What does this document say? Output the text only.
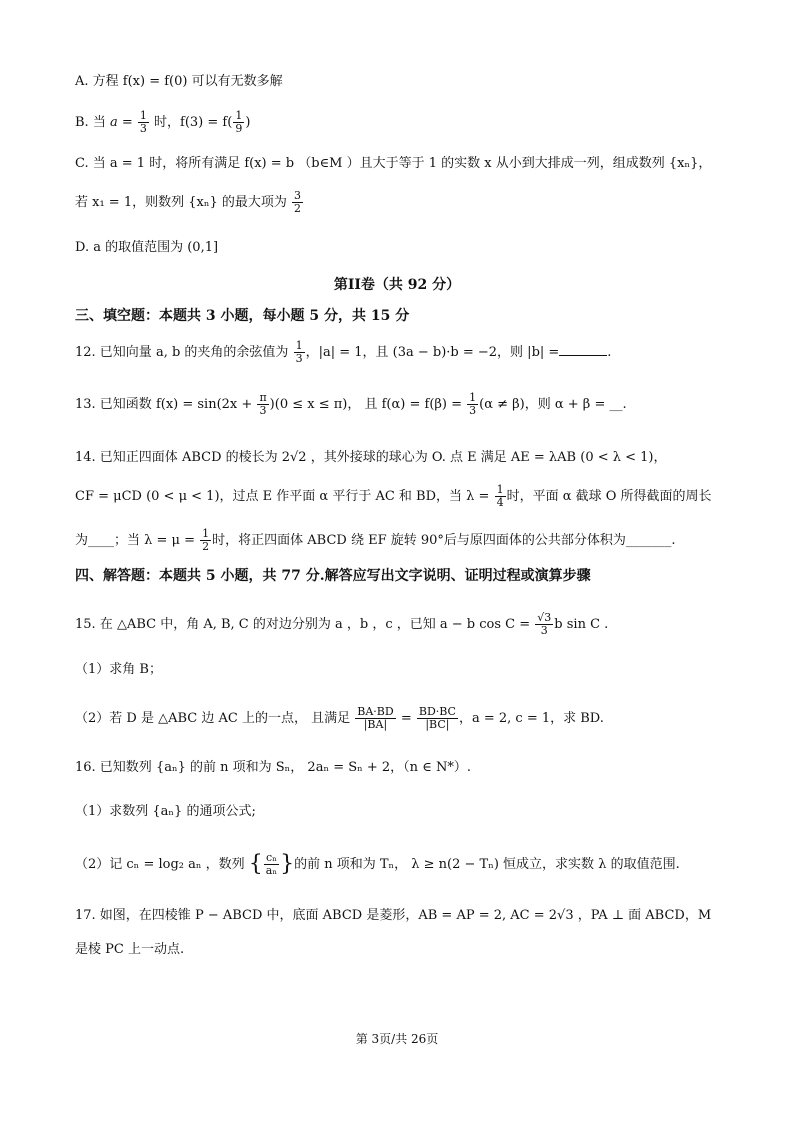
A. 方程 f(x) = f(0) 可以有无数多解
B. 当 $a = \frac{1}{3}$ 时，$f(3) = f( \frac{1}{9}$ )
C. 当 a = 1 时，将所有满足 f(x) = b （b∈M ）且大于等于 1 的实数 x 从小到大排成一列，组成数列 {xₙ}，
若 x₁ = 1，则数列 {xₙ} 的最大项为 $\frac{3}{2}$
D. a 的取值范围为 (0,1]
第II卷（共 92 分）
三、填空题：本题共 3 小题，每小题 5 分，共 15 分
12. 已知向量 a, b 的夹角的余弦值为 $\frac{1}{3}$ ，|a| = 1，且 (3a − b)·b = −2，则 |b| =	.
13. 已知函数 $f(x) = \sin(2x + \frac{\pi}{3} )(0 \le x \le \pi)$， 且 $f(\alpha) = f(\beta) = \frac{1}{3} (\alpha \ne \beta)$，则 α + β = __.
14. 已知正四面体 ABCD 的棱长为 2√2 ，其外接球的球心为 O. 点 E 满足 AE = λAB (0 < λ < 1)，
CF = μCD (0 < μ < 1)，过点 E 作平面 α 平行于 AC 和 BD，当 $\lambda = \frac{1}{4}$ 时，平面 α 截球 O 所得截面的周长
为____；当 $\lambda = \mu = \frac{1}{2}$ 时，将正四面体 ABCD 绕 EF 旋转 90°后与原四面体的公共部分体积为_______.
四、解答题：本题共 5 小题，共 77 分.解答应写出文字说明、证明过程或演算步骤
15. 在 △ABC 中，角 A, B, C 的对边分别为 a ，b ，c ，已知 a − b $\cos C = \frac{√3}{3}$ b sin C .
（1）求角 B；
（2）若 D 是 △ABC 边 AC 上的一点， 且满足 $\frac{BA\cdot BD}{|BA|} = \frac{BD\cdot BC}{|BC|}$ ，a = 2, c = 1，求 BD.
16. 已知数列 {aₙ} 的前 n 项和为 Sₙ， 2aₙ = Sₙ + 2，（n ∈ N*）.
（1）求数列 {aₙ} 的通项公式;
（2）记 cₙ = log₂ aₙ ，数列 { $\frac{\text{cₙ}}{\text{aₙ}}$ }的前 n 项和为 Tₙ， λ ≥ n(2 − Tₙ) 恒成立，求实数 λ 的取值范围.
17. 如图，在四棱锥 P − ABCD 中，底面 ABCD 是菱形，AB = AP = 2, AC = 2√3 ，PA ⊥ 面 ABCD，M
是棱 PC 上一动点.
第 3页/共 26页
